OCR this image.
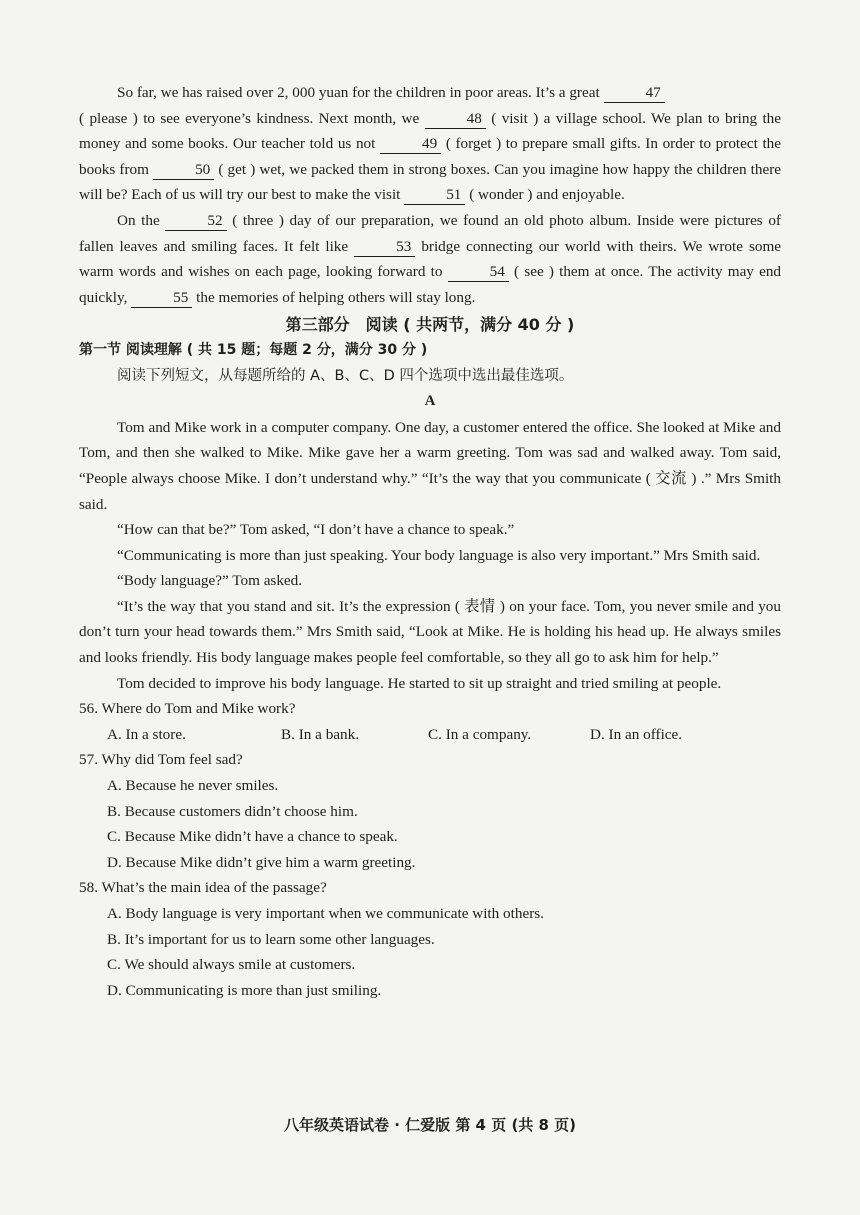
So far, we has raised over 2, 000 yuan for the children in poor areas. It’s a great	47
( please ) to see everyone’s kindness. Next month, we	48 ( visit ) a village school. We plan to bring the money and some books. Our teacher told us not	49 ( forget ) to prepare small gifts. In order to protect the books from	50 ( get ) wet, we packed them in strong boxes. Can you imagine how happy the children there will be? Each of us will try our best to make the visit	51 ( wonder ) and enjoyable.

On the	52 ( three ) day of our preparation, we found an old photo album. Inside were pictures of fallen leaves and smiling faces. It felt like	53 bridge connecting our world with theirs. We wrote some warm words and wishes on each page, looking forward to	54 ( see ) them at once. The activity may end quickly,	55 the memories of helping others will stay long.

第三部分　阅读 ( 共两节，满分 40 分 )
第一节 阅读理解 ( 共 15 题；每题 2 分，满分 30 分 )
阅读下列短文，从每题所给的 A、B、C、D 四个选项中选出最佳选项。
A

Tom and Mike work in a computer company. One day, a customer entered the office. She looked at Mike and Tom, and then she walked to Mike. Mike gave her a warm greeting. Tom was sad and walked away. Tom said, “People always choose Mike. I don’t understand why.” “It’s the way that you communicate ( 交流 ) .” Mrs Smith said.

“How can that be?” Tom asked, “I don’t have a chance to speak.”

“Communicating is more than just speaking. Your body language is also very important.” Mrs Smith said.

“Body language?” Tom asked.

“It’s the way that you stand and sit. It’s the expression ( 表情 ) on your face. Tom, you never smile and you don’t turn your head towards them.” Mrs Smith said, “Look at Mike. He is holding his head up. He always smiles and looks friendly. His body language makes people feel comfortable, so they all go to ask him for help.”

Tom decided to improve his body language. He started to sit up straight and tried smiling at people.

56. Where do Tom and Mike work?
A. In a store.	B. In a bank.	C. In a company.	D. In an office.
57. Why did Tom feel sad?
A. Because he never smiles.
B. Because customers didn’t choose him.
C. Because Mike didn’t have a chance to speak.
D. Because Mike didn’t give him a warm greeting.
58. What’s the main idea of the passage?
A. Body language is very important when we communicate with others.
B. It’s important for us to learn some other languages.
C. We should always smile at customers.
D. Communicating is more than just smiling.
八年级英语试卷 · 仁爱版 第 4 页 (共 8 页)
